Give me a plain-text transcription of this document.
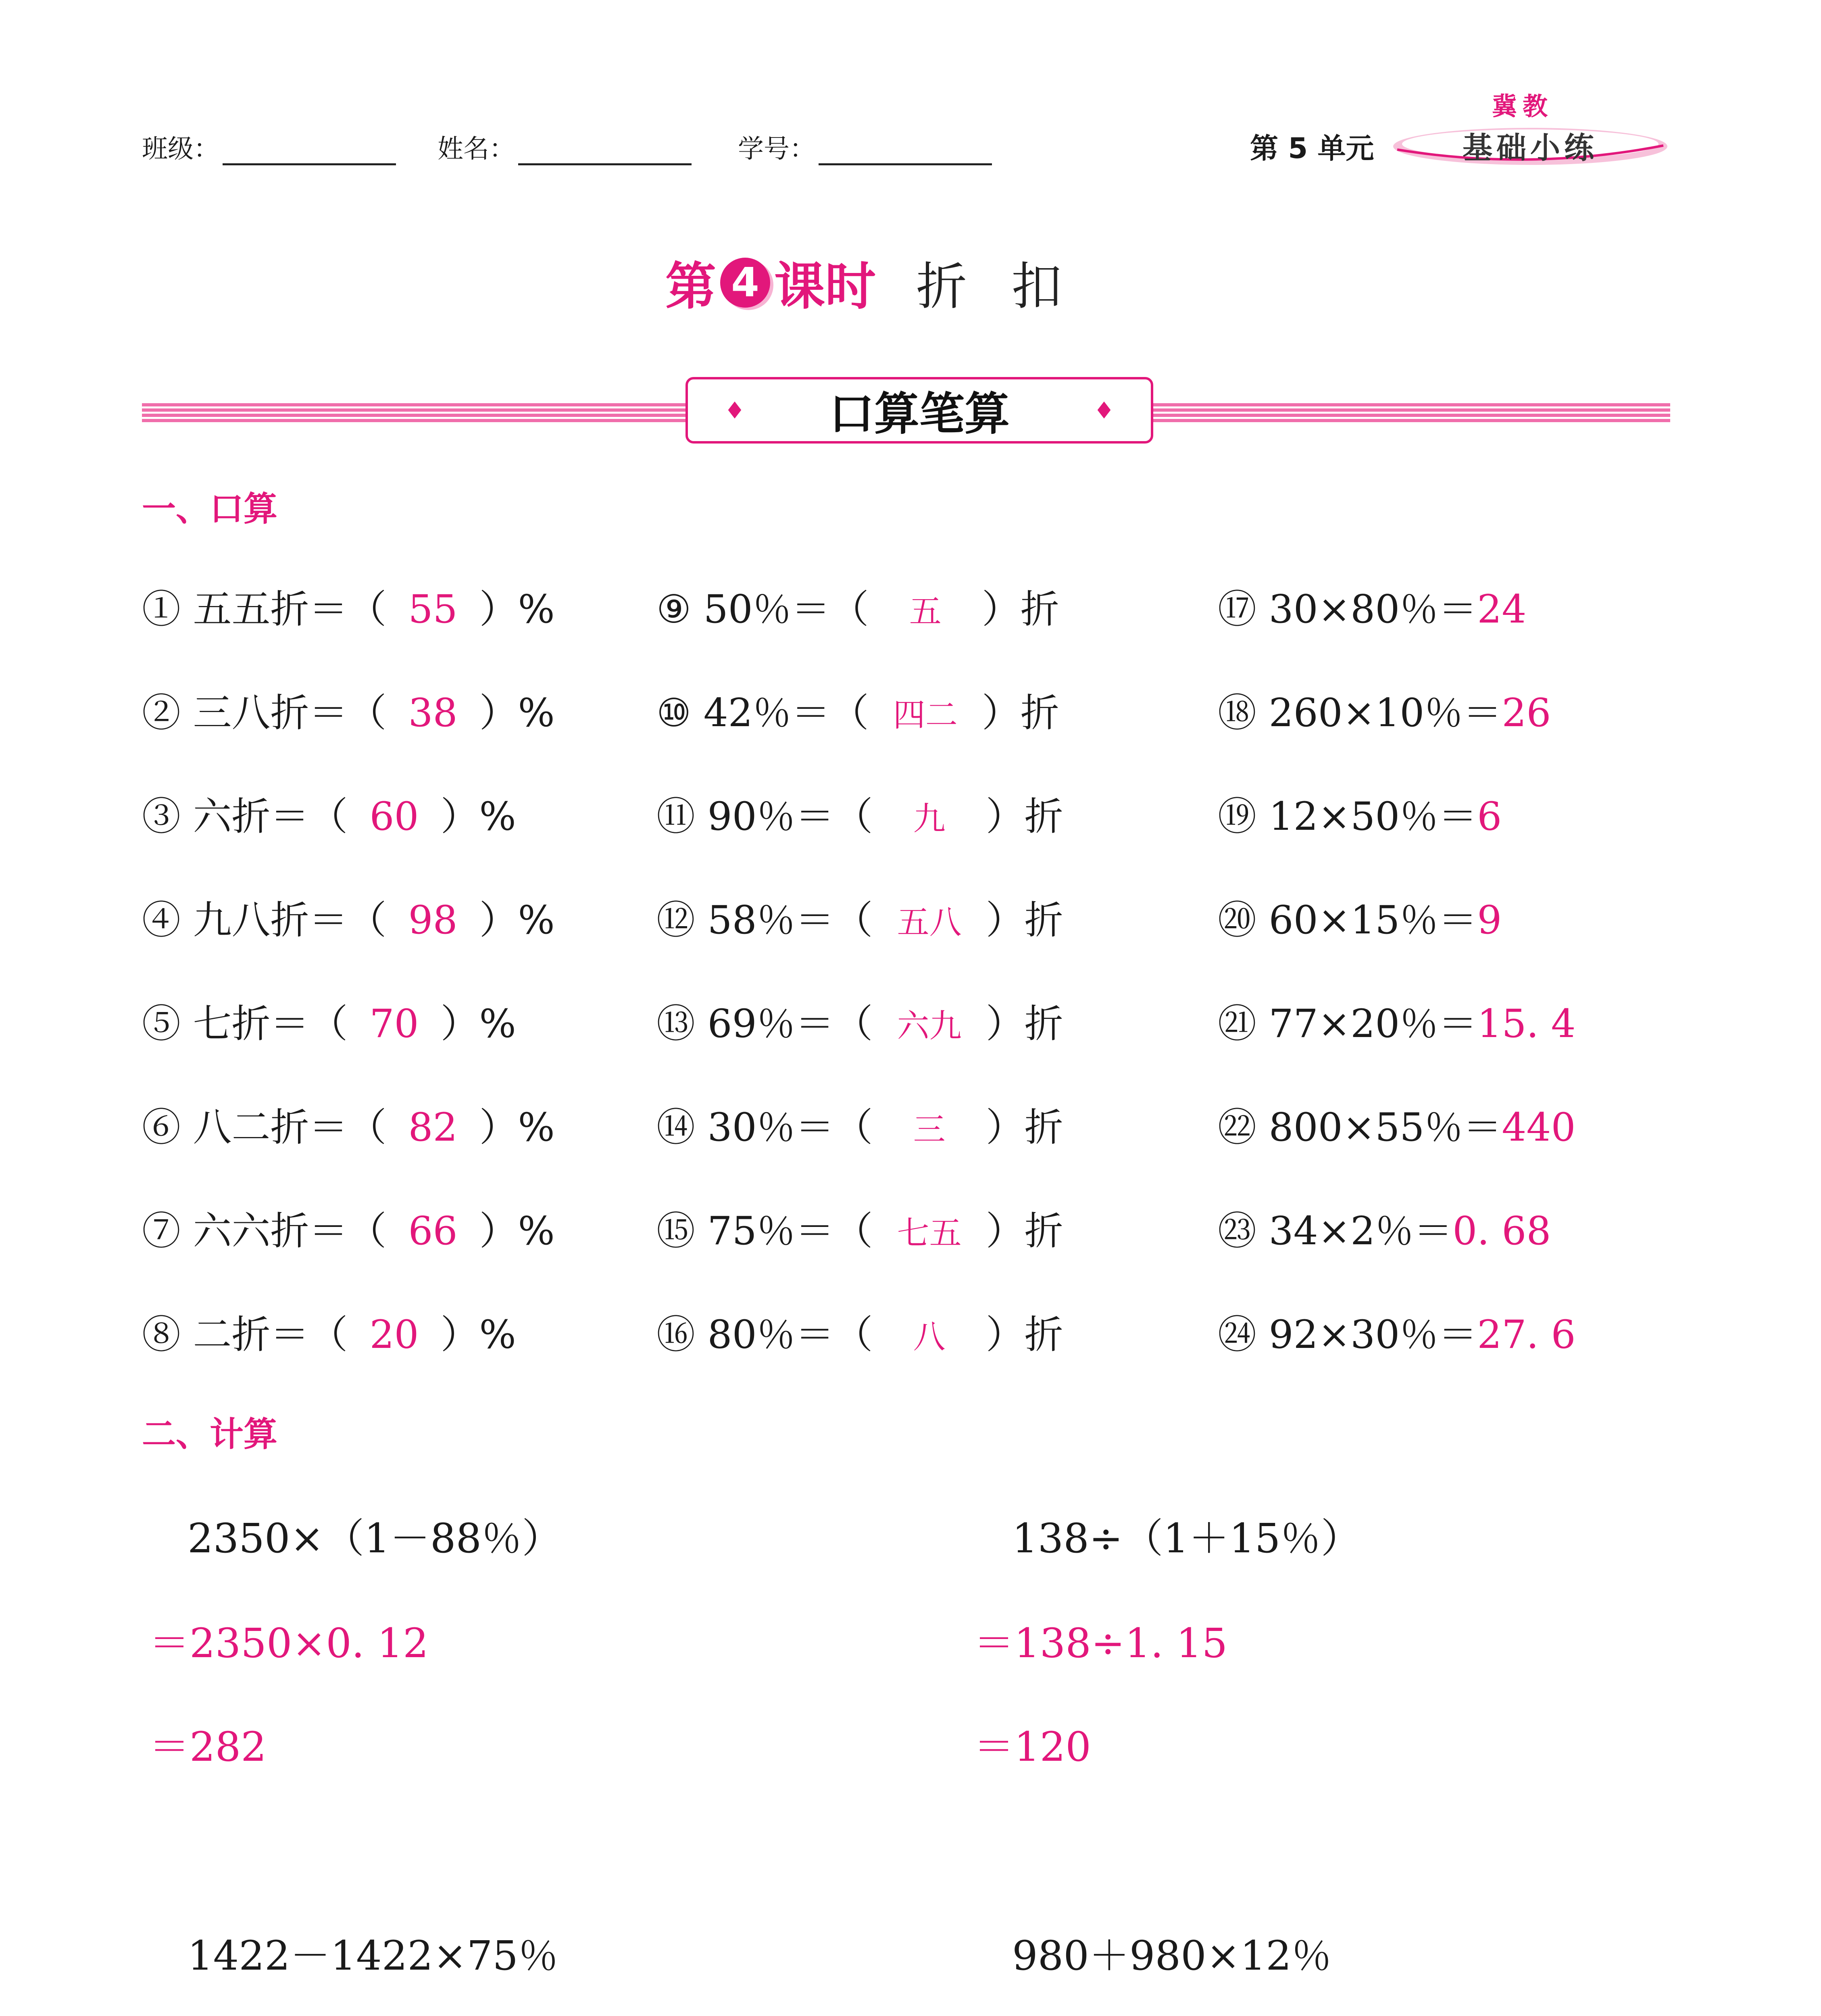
班级：	姓名：	学号：	第 5 单元
冀教
基础小练
第 4 课时 折扣
♦ 口算笔算	♦
一、口算
① 五五折＝（ 55 ）%
② 三八折＝（ 38 ）%
③ 六折＝（ 60 ）%
④ 九八折＝（ 98 ）%
⑤ 七折＝（ 70 ）%
⑥ 八二折＝（ 82 ）%
⑦ 六六折＝（ 66 ）%
⑧ 二折＝（ 20 ）%
⑨ 50％＝（ 五 ）折
⑩ 42％＝（ 四二 ）折
⑪ 90％＝（ 九 ）折
⑫ 58％＝（ 五八 ）折
⑬ 69％＝（ 六九 ）折
⑭ 30％＝（ 三 ）折
⑮ 75％＝（ 七五 ）折
⑯ 80％＝（ 八 ）折
⑰ 30×80％＝24
⑱ 260×10％＝26
⑲ 12×50％＝6
⑳ 60×15％＝9
㉑ 77×20％＝15. 4
㉒ 800×55％＝440
㉓ 34×2％＝0. 68
㉔ 92×30％＝27. 6
二、计算
2350×（1－88％）
＝2350×0. 12
＝282
138÷（1＋15％）
＝138÷1. 15
＝120
1422－1422×75％	980＋980×12％
